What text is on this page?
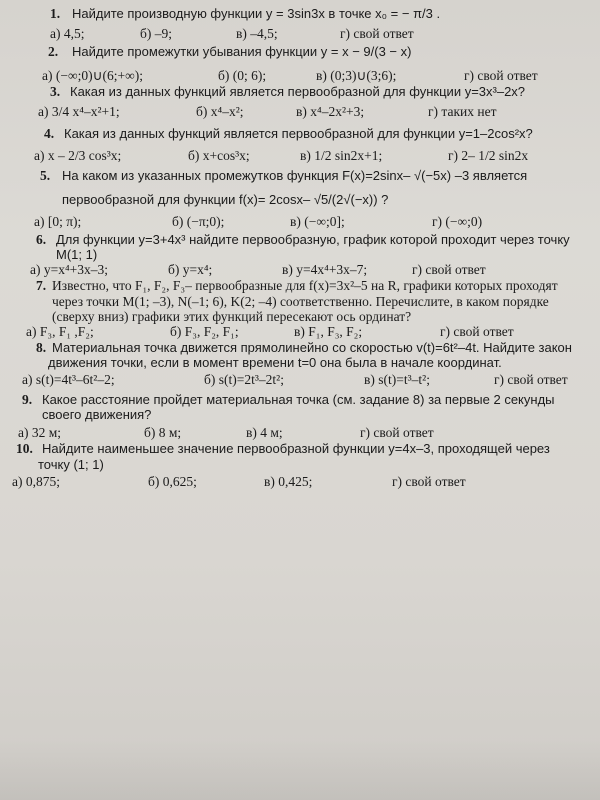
1. Найдите производную функции y = 3sin3x в точке x₀ = − π/3 .
а) 4,5;	б) –9;	в) –4,5;	г) свой ответ
2. Найдите промежутки убывания функции y = x − 9/(3 − x)
а) (−∞;0)∪(6;+∞);	б) (0; 6);	в) (0;3)∪(3;6);	г) свой ответ
3. Какая из данных функций является первообразной для функции y=3x³–2x?
а) 3/4 x⁴–x²+1;	б) x⁴–x²;	в) x⁴–2x²+3;	г) таких нет
4. Какая из данных функций является первообразной для функции y=1–2cos²x?
а) x – 2/3 cos³x;	б) x+cos³x;	в) 1/2 sin2x+1;	г) 2– 1/2 sin2x
5. На каком из указанных промежутков функция F(x)=2sinx– √(−5x) –3 является
первообразной для функции f(x)= 2cosx– √5/(2√(−x)) ?
а) [0; π);	б) (−π;0);	в) (−∞;0];	г) (−∞;0)
6. Для функции y=3+4x³ найдите первообразную, график которой проходит через точку
M(1; 1)
а) y=x⁴+3x–3;	б) y=x⁴;	в) y=4x⁴+3x–7;	г) свой ответ
7. Известно, что F₁, F₂, F₃– первообразные для f(x)=3x²–5 на R, графики которых проходят
через точки M(1; –3), N(–1; 6), K(2; –4) соответственно. Перечислите, в каком порядке
(сверху вниз) графики этих функций пересекают ось ординат?
а) F₃, F₁ ,F₂;	б) F₃, F₂, F₁;	в) F₁, F₃, F₂;	г) свой ответ
8. Материальная точка движется прямолинейно со скоростью v(t)=6t²–4t. Найдите закон
движения точки, если в момент времени t=0 она была в начале координат.
а) s(t)=4t³–6t²–2;	б) s(t)=2t³–2t²;	в) s(t)=t³–t²;	г) свой ответ
9. Какое расстояние пройдет материальная точка (см. задание 8) за первые 2 секунды
своего движения?
а) 32 м;	б) 8 м;	в) 4 м;	г) свой ответ
10. Найдите наименьшее значение первообразной функции y=4x–3, проходящей через
точку (1; 1)
а) 0,875;	б) 0,625;	в) 0,425;	г) свой ответ
